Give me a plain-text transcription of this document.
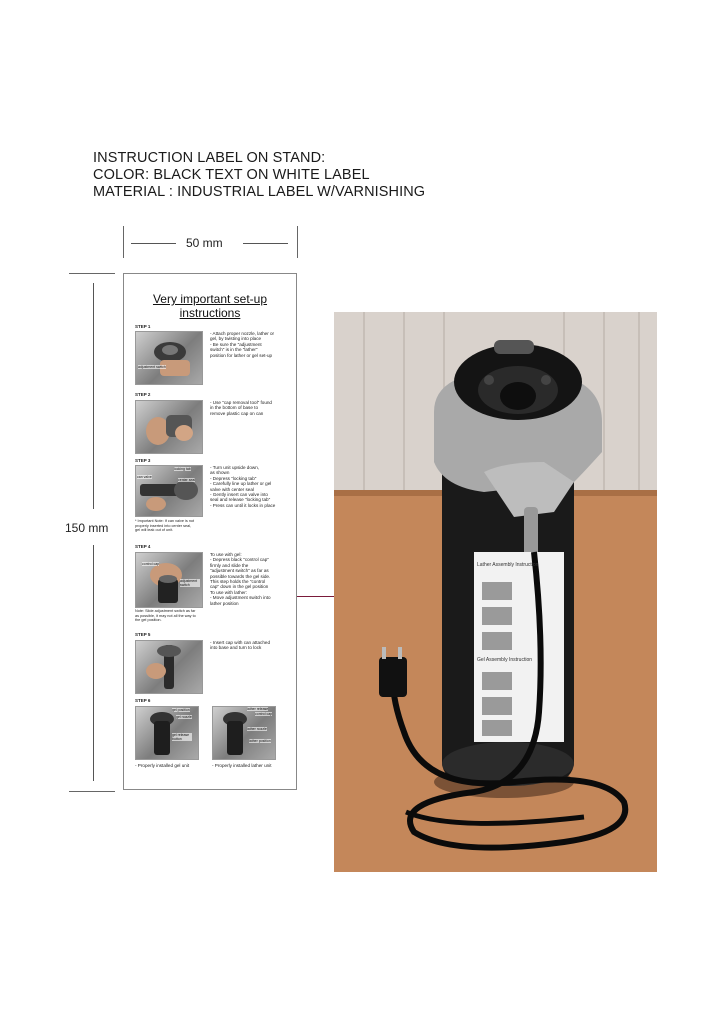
INSTRUCTION LABEL ON STAND:
COLOR: BLACK TEXT ON WHITE LABEL
MATERIAL : INDUSTRIAL LABEL W/VARNISHING
50 mm
150 mm
Very important set-up
instructions
STEP 1
adjustment switch
- Attach proper nozzle, lather or
gel, by twisting into place
- Be sure the "adjustment
switch" is in the "lather"
position for lather or gel set-up
STEP 2
- Use "cap removal tool" found
in the bottom of base to
remove plastic cap on can
STEP 3
locking tab
can valve
center seal
- Turn unit upside down,
as shown
- Depress "locking tab"
- Carefully line up lather or gel
valve with center seal
- Gently insert can valve into
seal and release "locking tab"
- Press can until it locks in place
* Important Note: If can valve is not
properly inserted into center seal,
gel will leak out of unit.
STEP 4
control cap
adjustment switch
To use with gel:
- Depress black "control cap"
firmly and slide the
"adjustment switch" as far as
possible towards the gel side.
This step holds the "control
cap" down in the gel position
To use with lather:
- Move adjustment switch into
lather position
Note: Slide adjustment switch as far
as possible, it may not all the way to
the gel position.
STEP 5
- Insert cap with can attached
into base and turn to lock
STEP 6
gel position
gel nozzle
gel release button
lather release
control cap
lather nozzle
lather position
- Properly installed gel unit	- Properly installed lather unit
Lather Assembly Instruction
Gel Assembly Instruction
